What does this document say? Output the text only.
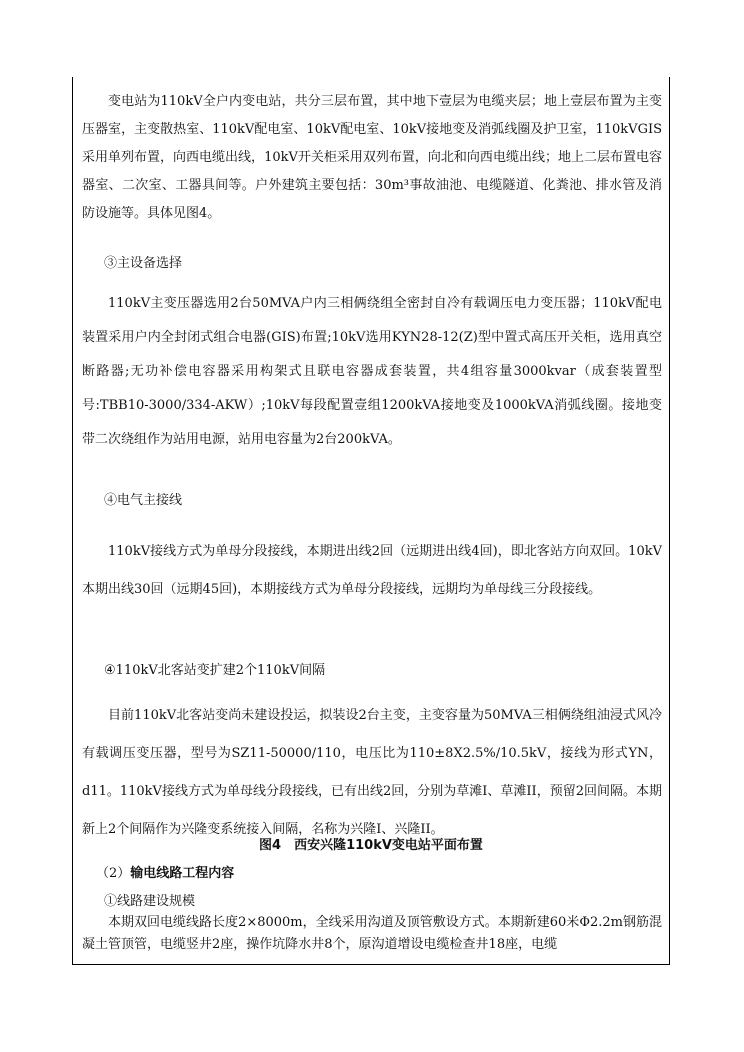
变电站为110kV全户内变电站，共分三层布置，其中地下壹层为电缆夹层；地上壹层布置为主变压器室，主变散热室、110kV配电室、10kV配电室、10kV接地变及消弧线圈及护卫室，110kVGIS采用单列布置，向西电缆出线，10kV开关柜采用双列布置，向北和向西电缆出线；地上二层布置电容器室、二次室、工器具间等。户外建筑主要包括：30m³事故油池、电缆隧道、化粪池、排水管及消防设施等。具体见图4。

③主设备选择

110kV主变压器选用2台50MVA户内三相俩绕组全密封自冷有载调压电力变压器；110kV配电装置采用户内全封闭式组合电器(GIS)布置;10kV选用KYN28-12(Z)型中置式高压开关柜，选用真空断路器;无功补偿电容器采用构架式且联电容器成套装置，共4组容量3000kvar（成套装置型号:TBB10-3000/334-AKW）;10kV每段配置壹组1200kVA接地变及1000kVA消弧线圈。接地变带二次绕组作为站用电源，站用电容量为2台200kVA。

④电气主接线

110kV接线方式为单母分段接线，本期进出线2回（远期进出线4回)，即北客站方向双回。10kV本期出线30回（远期45回)，本期接线方式为单母分段接线，远期均为单母线三分段接线。

④110kV北客站变扩建2个110kV间隔

目前110kV北客站变尚未建设投运，拟装设2台主变，主变容量为50MVA三相俩绕组油浸式风冷有载调压变压器，型号为SZ11-50000/110，电压比为110±8X2.5%/10.5kV，接线为形式YN，d11。110kV接线方式为单母线分段接线，已有出线2回，分别为草滩I、草滩II，预留2回间隔。本期新上2个间隔作为兴隆变系统接入间隔，名称为兴隆I、兴隆II。

图4　西安兴隆110kV变电站平面布置
（2）输电线路工程内容
①线路建设规模

本期双回电缆线路长度2×8000m，全线采用沟道及顶管敷设方式。本期新建60米Φ2.2m钢筋混凝土管顶管，电缆竖井2座，操作坑降水井8个，原沟道增设电缆检查井18座，电缆
